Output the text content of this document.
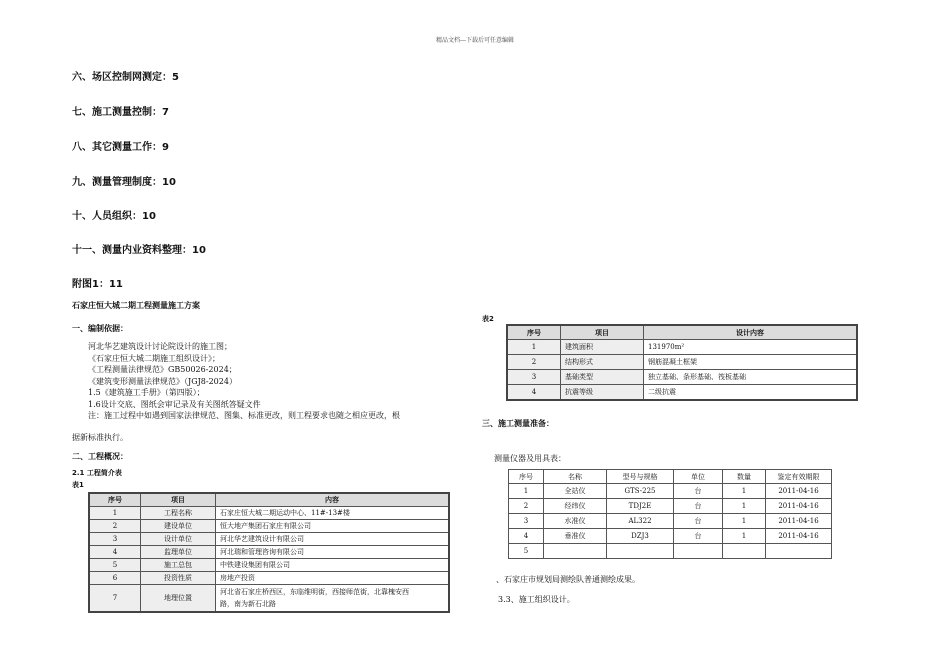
精品文档---下载后可任意编辑
六、场区控制网测定：5
七、施工测量控制：7
八、其它测量工作：9
九、测量管理制度：10
十、人员组织：10
十一、测量内业资料整理：10
附图1：11
石家庄恒大城二期工程测量施工方案
一、编制依据：
河北华艺建筑设计讨论院设计的施工图；
《石家庄恒大城二期施工组织设计》；
《工程测量法律规范》GB50026-2024；
《建筑变形测量法律规范》（JGJ8-2024）
1.5《建筑施工手册》（第四版）；
1.6设计交底、图纸会审记录及有关图纸答疑文件
注：施工过程中如遇到国家法律规范、图集、标准更改，则工程要求也随之相应更改，根
据新标准执行。
二、工程概况：
2.1 工程简介表
表1
序号	项目	内容
1	工程名称	石家庄恒大城二期运动中心、11#-13#楼
2	建设单位	恒大地产集团石家庄有限公司
3	设计单位	河北华艺建筑设计有限公司
4	监理单位	河北瑞和管理咨询有限公司
5	施工总包	中铁建设集团有限公司
6	投资性质	房地产投资
7	地理位置	河北省石家庄桥西区，东临维明街，西接师范街，北靠槐安西
路，南为新石北路
表2
序号	项目	设计内容
1	建筑面积	131970m²
2	结构形式	钢筋混凝土框架
3	基础类型	独立基础、条形基础、筏板基础
4	抗震等级	二级抗震
三、施工测量准备：
测量仪器及用具表：
序号	名称	型号与规格	单位	数量	鉴定有效期限
1	全站仪	GTS-225	台	1	2011-04-16
2	经纬仪	TDJ2E	台	1	2011-04-16
3	水准仪	AL322	台	1	2011-04-16
4	垂准仪	DZJ3	台	1	2011-04-16
5					
、石家庄市规划局测绘队普通测绘成果。
3.3、施工组织设计。
